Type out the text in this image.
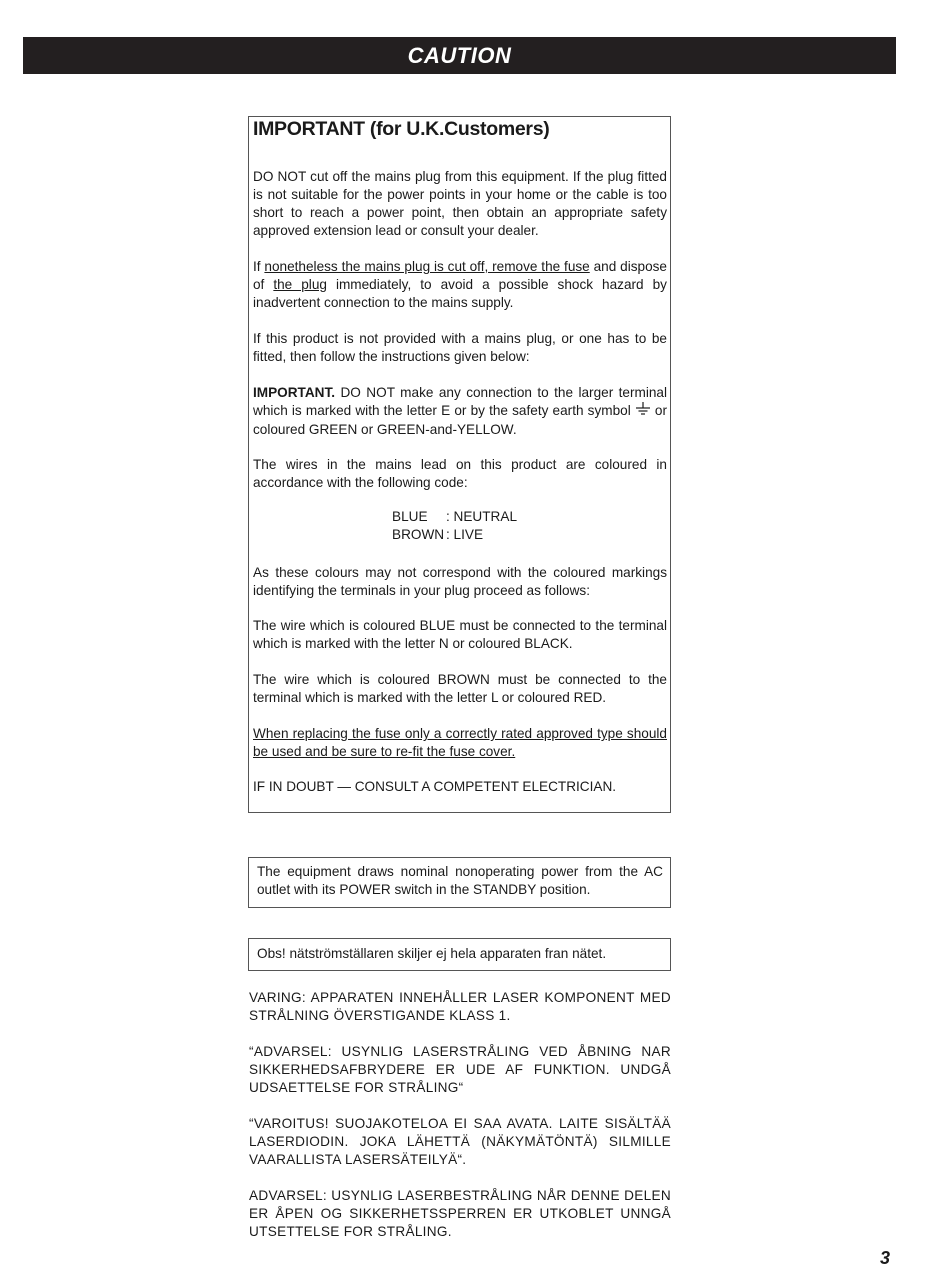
CAUTION
IMPORTANT (for U.K.Customers)

DO NOT cut off the mains plug from this equipment. If the plug fitted is not suitable for the power points in your home or the cable is too short to reach a power point, then obtain an appropriate safety approved extension lead or consult your dealer.

If nonetheless the mains plug is cut off, remove the fuse and dispose of the plug immediately, to avoid a possible shock hazard by inadvertent connection to the mains supply.

If this product is not provided with a mains plug, or one has to be fitted, then follow the instructions given below:

IMPORTANT. DO NOT make any connection to the larger terminal which is marked with the letter E or by the safety earth symbol or coloured GREEN or GREEN-and-YELLOW.

The wires in the mains lead on this product are coloured in accordance with the following code:

BLUE	: NEUTRAL
BROWN : LIVE

As these colours may not correspond with the coloured markings identifying the terminals in your plug proceed as follows:

The wire which is coloured BLUE must be connected to the terminal which is marked with the letter N or coloured BLACK.

The wire which is coloured BROWN must be connected to the terminal which is marked with the letter L or coloured RED.

When replacing the fuse only a correctly rated approved type should be used and be sure to re-fit the fuse cover.

IF IN DOUBT — CONSULT A COMPETENT ELECTRICIAN.

The equipment draws nominal nonoperating power from the AC outlet with its POWER switch in the STANDBY position.

Obs! nätströmställaren skiljer ej hela apparaten fran nätet.

VARING: APPARATEN INNEHÅLLER LASER KOMPONENT MED STRÅLNING ÖVERSTIGANDE KLASS 1.

“ADVARSEL: USYNLIG LASERSTRÅLING VED ÅBNING NAR SIKKERHEDSAFBRYDERE ER UDE AF FUNKTION. UNDGÅ UDSAETTELSE FOR STRÅLING“

“VAROITUS! SUOJAKOTELOA EI SAA AVATA. LAITE SISÄLTÄÄ LASERDIODIN. JOKA LÄHETTÄ (NÄKYMÄTÖNTÄ) SILMILLE VAARALLISTA LASERSÄTEILYÄ“.

ADVARSEL: USYNLIG LASERBESTRÅLING NÅR DENNE DELEN ER ÅPEN OG SIKKERHETSSPERREN ER UTKOBLET UNNGÅ UTSETTELSE FOR STRÅLING.

3
